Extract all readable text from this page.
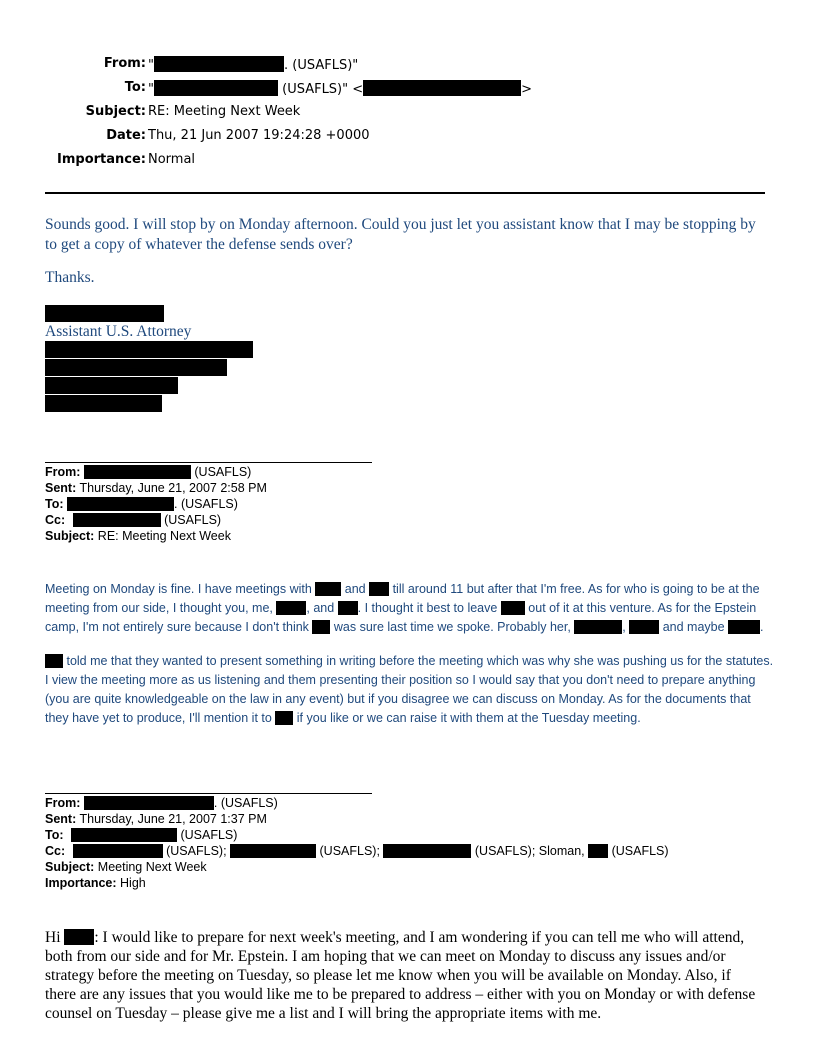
From: "	. (USAFLS)"
To: "	(USAFLS)" <	>
Subject: RE: Meeting Next Week
Date: Thu, 21 Jun 2007 19:24:28 +0000
Importance: Normal

Sounds good. I will stop by on Monday afternoon. Could you just let you assistant know that I may be stopping by to get a copy of whatever the defense sends over?

Thanks.
Assistant U.S. Attorney
From:	(USAFLS)
Sent: Thursday, June 21, 2007 2:58 PM
To:	. (USAFLS)
Cc:	(USAFLS)
Subject: RE: Meeting Next Week

Meeting on Monday is fine. I have meetings with  and  till around 11 but after that I'm free. As for who is going to be at the meeting from our side, I thought you, me, , and . I thought it best to leave  out of it at this venture. As for the Epstein camp, I'm not entirely sure because I don't think  was sure last time we spoke. Probably her,	,  and maybe	.

told me that they wanted to present something in writing before the meeting which was why she was pushing us for the statutes. I view the meeting more as us listening and them presenting their position so I would say that you don't need to prepare anything (you are quite knowledgeable on the law in any event) but if you disagree we can discuss on Monday. As for the documents that they have yet to produce, I'll mention it to  if you like or we can raise it with them at the Tuesday meeting.

From:	. (USAFLS)
Sent: Thursday, June 21, 2007 1:37 PM
To:	(USAFLS)
Cc:	(USAFLS);	(USAFLS);	(USAFLS); Sloman,  (USAFLS)
Subject: Meeting Next Week
Importance: High

Hi : I would like to prepare for next week's meeting, and I am wondering if you can tell me who will attend, both from our side and for Mr. Epstein. I am hoping that we can meet on Monday to discuss any issues and/or strategy before the meeting on Tuesday, so please let me know when you will be available on Monday. Also, if there are any issues that you would like me to be prepared to address – either with you on Monday or with defense counsel on Tuesday – please give me a list and I will bring the appropriate items with me.
